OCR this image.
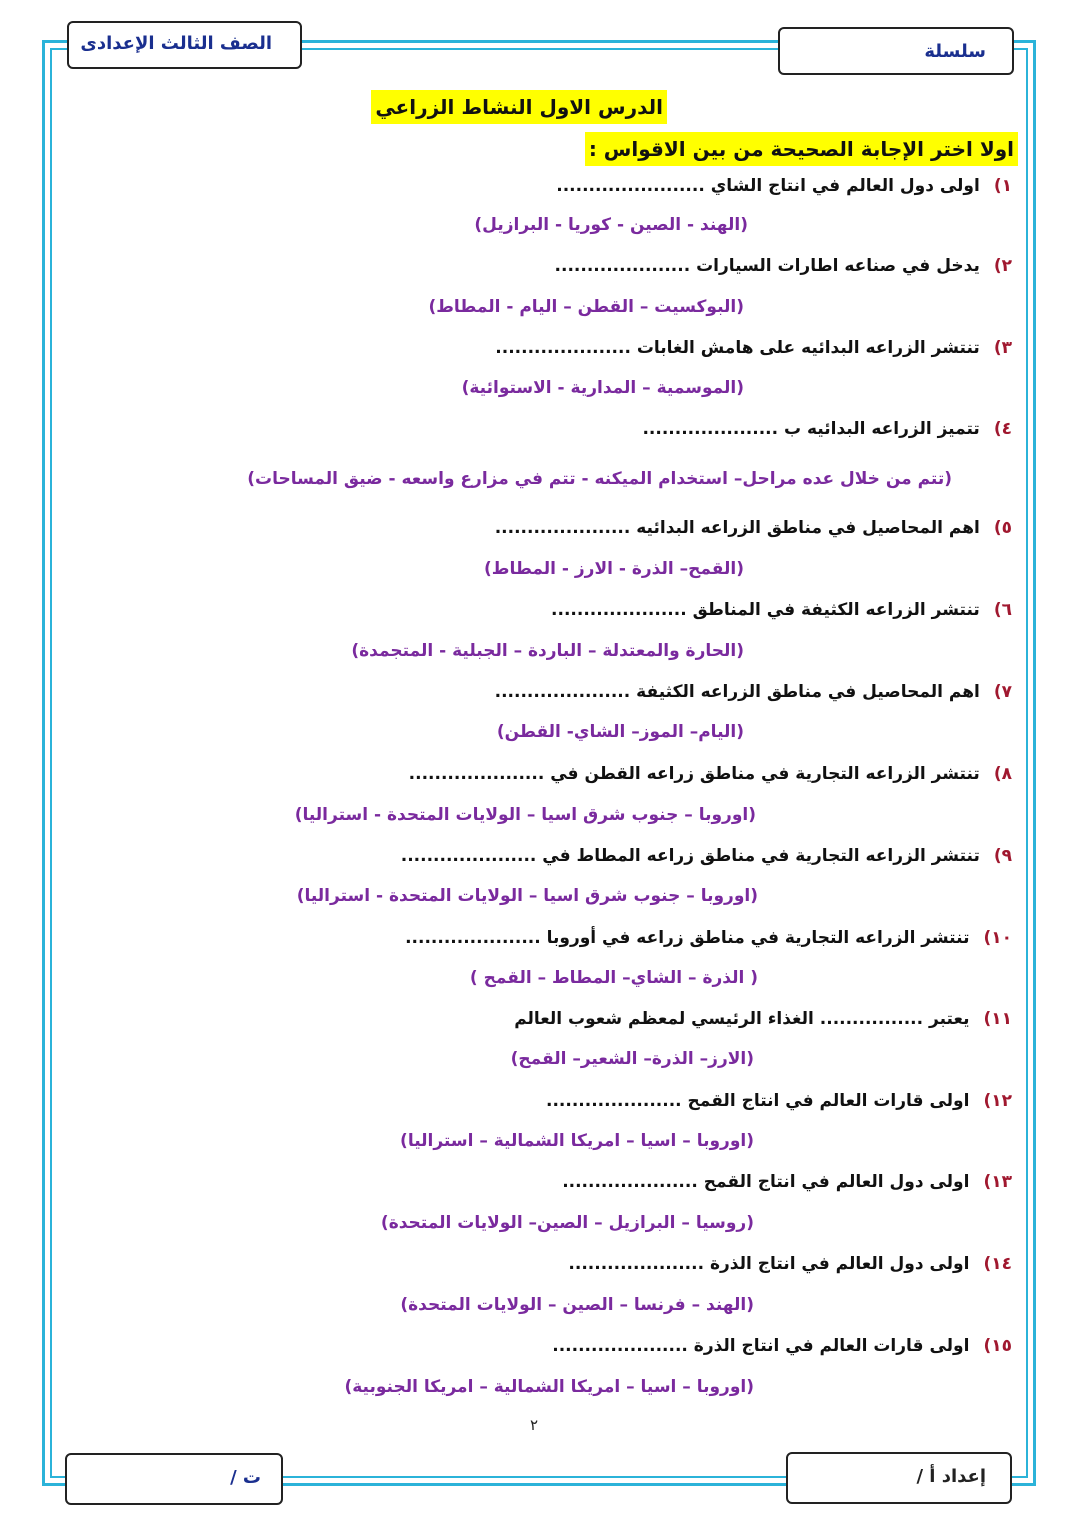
الصف الثالث الإعدادى	سلسلة
الدرس الاول النشاط الزراعي
اولا اختر الإجابة الصحيحة من بين الاقواس :
١)اولى دول العالم في انتاج الشاي .......................
(الهند - الصين - كوريا - البرازيل)
٢)يدخل في صناعه اطارات السيارات .....................
(البوكسيت – القطن – اليام - المطاط)
٣)تنتشر الزراعه البدائيه على هامش الغابات .....................
(الموسمية – المدارية - الاستوائية)
٤)تتميز الزراعه البدائيه ب .....................
(تتم من خلال عده مراحل– استخدام الميكنه - تتم في مزارع واسعه - ضيق المساحات)
٥)اهم المحاصيل في مناطق الزراعه البدائيه .....................
(القمح– الذرة - الارز - المطاط)
٦)تنتشر الزراعه الكثيفة في المناطق .....................
(الحارة والمعتدلة – الباردة – الجبلية - المتجمدة)
٧)اهم المحاصيل في مناطق الزراعه الكثيفة .....................
(اليام– الموز– الشاي- القطن)
٨)تنتشر الزراعه التجارية في مناطق زراعه القطن في .....................
(اوروبا – جنوب شرق اسيا – الولايات المتحدة - استراليا)
٩)تنتشر الزراعه التجارية في مناطق زراعه المطاط في .....................
(اوروبا – جنوب شرق اسيا – الولايات المتحدة - استراليا)
١٠)تنتشر الزراعه التجارية في مناطق زراعه في أوروبا .....................
( الذرة – الشاي– المطاط – القمح )
١١)يعتبر ................ الغذاء الرئيسي لمعظم شعوب العالم
(الارز– الذرة– الشعير– القمح)
١٢)اولى قارات العالم في انتاج القمح .....................
(اوروبا – اسيا – امريكا الشمالية – استراليا)
١٣)اولى دول العالم في انتاج القمح .....................
(روسيا – البرازيل – الصين– الولايات المتحدة)
١٤)اولى دول العالم في انتاج الذرة .....................
(الهند – فرنسا – الصين – الولايات المتحدة)
١٥)اولى قارات العالم في انتاج الذرة .....................
(اوروبا – اسيا – امريكا الشمالية – امريكا الجنوبية)
٢
ت /	إعداد أ /
